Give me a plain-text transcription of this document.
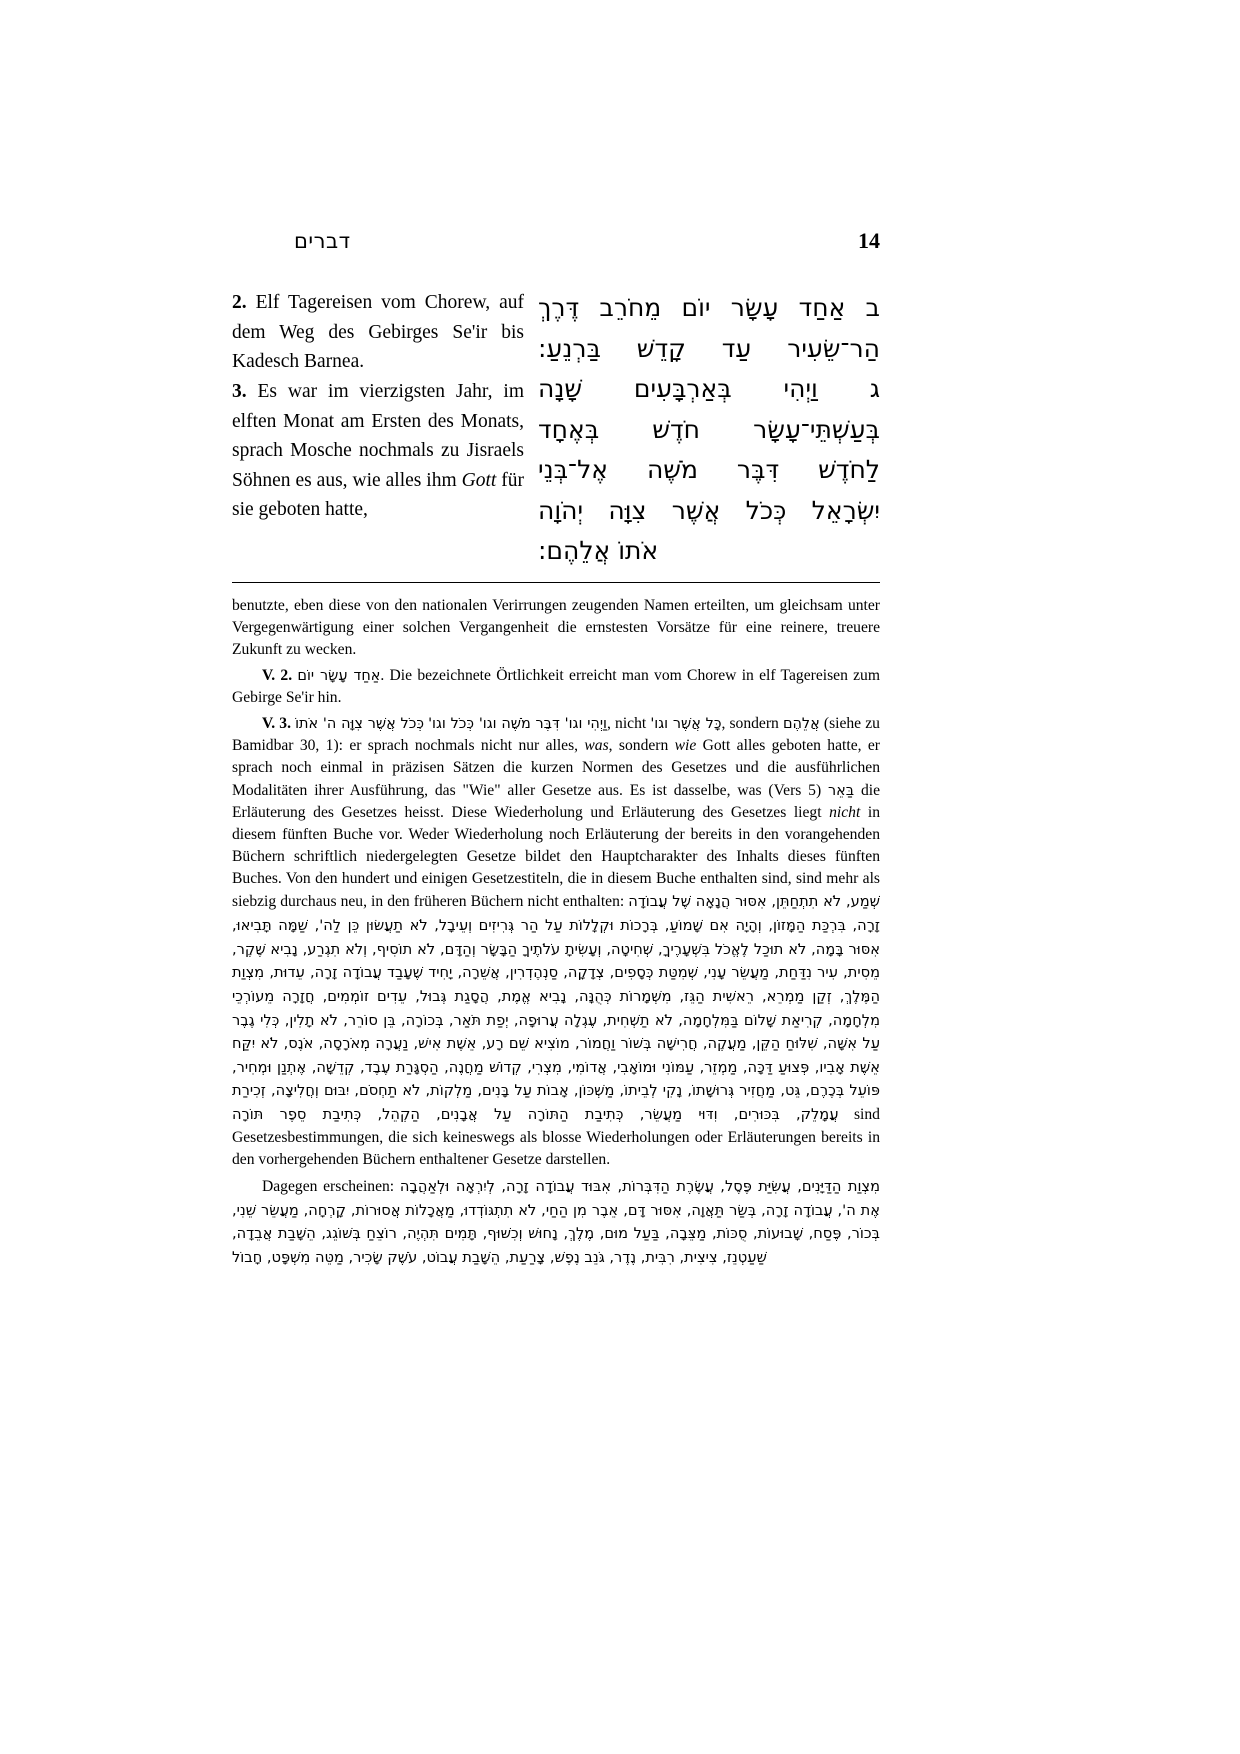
דברים	14

2. Elf Tagereisen vom Chorew, auf dem Weg des Gebirges Se'ir bis Kadesch Barnea.

3. Es war im vierzigsten Jahr, im elften Monat am Ersten des Monats, sprach Mosche nochmals zu Jisraels Söhnen es aus, wie alles ihm Gott für sie geboten hatte,

ב אַחַד עָשָׂר יוֹם מֵחֹרֵב דֶּרֶךְ

הַר־שֵׂעִיר עַד קָדֵשׁ בַּרְנֵעַ:

ג וַיְהִי בְּאַרְבָּעִים שָׁנָה

בְּעַשְׁתֵּי־עָשָׂר חֹדֶשׁ בְּאֶחָד

לַחֹדֶשׁ דִּבֶּר מֹשֶׁה אֶל־בְּנֵי

יִשְׂרָאֵל כְּכֹל אֲשֶׁר צִוָּה יְהֹוָה

אֹתוֹ אֲלֵהֶם:

benutzte, eben diese von den nationalen Verirrungen zeugenden Namen erteilten, um gleichsam unter Vergegenwärtigung einer solchen Vergangenheit die ernstesten Vorsätze für eine reinere, treuere Zukunft zu wecken.

V. 2. אַחַד עָשָׂר יוֹם. Die bezeichnete Örtlichkeit erreicht man vom Chorew in elf Tagereisen zum Gebirge Se'ir hin.

V. 3. כְּכֹל אֲשֶׁר צִוָּה ה' אֹתוֹ וַיְהִי וגו' דִּבֶּר מֹשֶׁה וגו' כְּכֹל וגו', nicht כָּל אֲשֶׁר וגו', sondern אֲלֵהֶם (siehe zu Bamidbar 30, 1): er sprach nochmals nicht nur alles, was, sondern wie Gott alles geboten hatte, er sprach noch einmal in präzisen Sätzen die kurzen Normen des Gesetzes und die ausführlichen Modalitäten ihrer Ausführung, das "Wie" aller Gesetze aus. Es ist dasselbe, was (Vers 5) בַּאֵר die Erläuterung des Gesetzes heisst. Diese Wiederholung und Erläuterung des Gesetzes liegt nicht in diesem fünften Buche vor. Weder Wiederholung noch Erläuterung der bereits in den vorangehenden Büchern schriftlich niedergelegten Gesetze bildet den Hauptcharakter des Inhalts dieses fünften Buches. Von den hundert und einigen Gesetzestiteln, die in diesem Buche enthalten sind, sind mehr als siebzig durchaus neu, in den früheren Büchern nicht enthalten: שְׁמַע, לֹא תִתְחַתֵּן, אִסּוּר הֲנָאָה שֶׁל עֲבוֹדָה זָרָה, בִּרְכַּת הַמָּזוֹן, וְהָיָה אִם שָׁמוֹעַ, בְּרָכוֹת וּקְלָלוֹת עַל הַר גְּרִיזִים וְעֵיבָל, לֹא תַעֲשׂוּן כֵּן לַה', שַׁמָּה תָּבִיאוּ, אִסּוּר בָּמָה, לֹא תוּכַל לֶאֱכֹל בִּשְׁעָרֶיךָ, שְׁחִיטָה, וְעָשִׂיתָ עֹלֹתֶיךָ הַבָּשָׂר וְהַדָּם, לֹא תוֹסִיף, וְלֹא תִגְרַע, נָבִיא שֶׁקֶר, מֵסִית, עִיר נִדַּחַת, מַעֲשֵׂר עָנִי, שְׁמִטַּת כְּסָפִים, צְדָקָה, סַנְהֶדְרִין, אֲשֵׁרָה, יָחִיד שֶׁעָבַד עֲבוֹדָה זָרָה, עֵדוּת, מִצְוַת הַמֶּלֶךְ, זְקַן מַמְרֵא, רֵאשִׁית הַגֵּז, מִשְׁמָרוֹת כְּהֻנָּה, נָבִיא אֱמֶת, הֲסָגַת גְּבוּל, עֵדִים זוֹמְמִים, חֲזָרָה מֵעוֹרְכֵי מִלְחָמָה, קְרִיאַת שָׁלוֹם בַּמִּלְחָמָה, לֹא תַשְׁחִית, עֶגְלָה עֲרוּפָה, יְפַת תֹּאַר, בְּכוֹרָה, בֵּן סוֹרֵר, לֹא תָלִין, כְּלִי גֶבֶר עַל אִשָּׁה, שִׁלּוּחַ הַקֵּן, מַעֲקֶה, חֲרִישָׁה בְּשׁוֹר וַחֲמוֹר, מוֹצִיא שֵׁם רָע, אֵשֶׁת אִישׁ, נַעֲרָה מְאֹרָסָה, אֹנֶס, לֹא יִקַּח אֵשֶׁת אָבִיו, פְּצוּעַ דַּכָּה, מַמְזֵר, עַמּוֹנִי וּמוֹאָבִי, אֲדוֹמִי, מִצְרִי, קְדוֹשׁ מַחֲנֶה, הַסְגָּרַת עֶבֶד, קְדֵשָׁה, אֶתְנַן וּמְחִיר, פּוֹעֵל בְּכֶרֶם, גֵּט, מַחֲזִיר גְּרוּשָׁתוֹ, נָקִי לְבֵיתוֹ, מַשְׁכּוֹן, אָבוֹת עַל בָּנִים, מַלְקוֹת, לֹא תַחְסֹם, יִבּוּם וְחֲלִיצָה, זְכִירַת עֲמָלֵק, בִּכּוּרִים, וִדּוּי מַעֲשֵׂר, כְּתִיבַת הַתּוֹרָה עַל אֲבָנִים, הַקְהֵל, כְּתִיבַת סֵפֶר תּוֹרָה sind Gesetzesbestimmungen, die sich keineswegs als blosse Wiederholungen oder Erläuterungen bereits in den vorhergehenden Büchern enthaltener Gesetze darstellen.

Dagegen erscheinen: מִצְוַת הַדַּיָּנִים, עֲשִׂיַּת פֶּסֶל, עֲשֶׂרֶת הַדִּבְּרוֹת, אִבּוּד עֲבוֹדָה זָרָה, לְיִרְאָה וּלְאַהֲבָה אֶת ה', עֲבוֹדָה זָרָה, בְּשַׂר תַּאֲוָה, אִסּוּר דָּם, אֵבֶר מִן הַחַי, לֹא תִתְגּוֹדְדוּ, מַאֲכָלוֹת אֲסוּרוֹת, קָרְחָה, מַעֲשֵׂר שֵׁנִי, בְּכוֹר, פֶּסַח, שָׁבוּעוֹת, סֻכּוֹת, מַצֵּבָה, בַּעַל מוּם, מֶלֶךְ, נָחוּשׁ וְכִשּׁוּף, תָּמִים תִּהְיֶה, רוֹצֵחַ בְּשׁוֹגֵג, הֵשָׁבַת אֲבֵדָה, שַׁעַטְנֵז, צִיצִית, רִבִּית, נֶדֶר, גֹּנֵב נֶפֶשׁ, צָרַעַת, הֵשָׁבַת עֲבוֹט, עֹשֶׁק שָׂכִיר, מַטֵּה מִשְׁפָּט, חָבוֹל
